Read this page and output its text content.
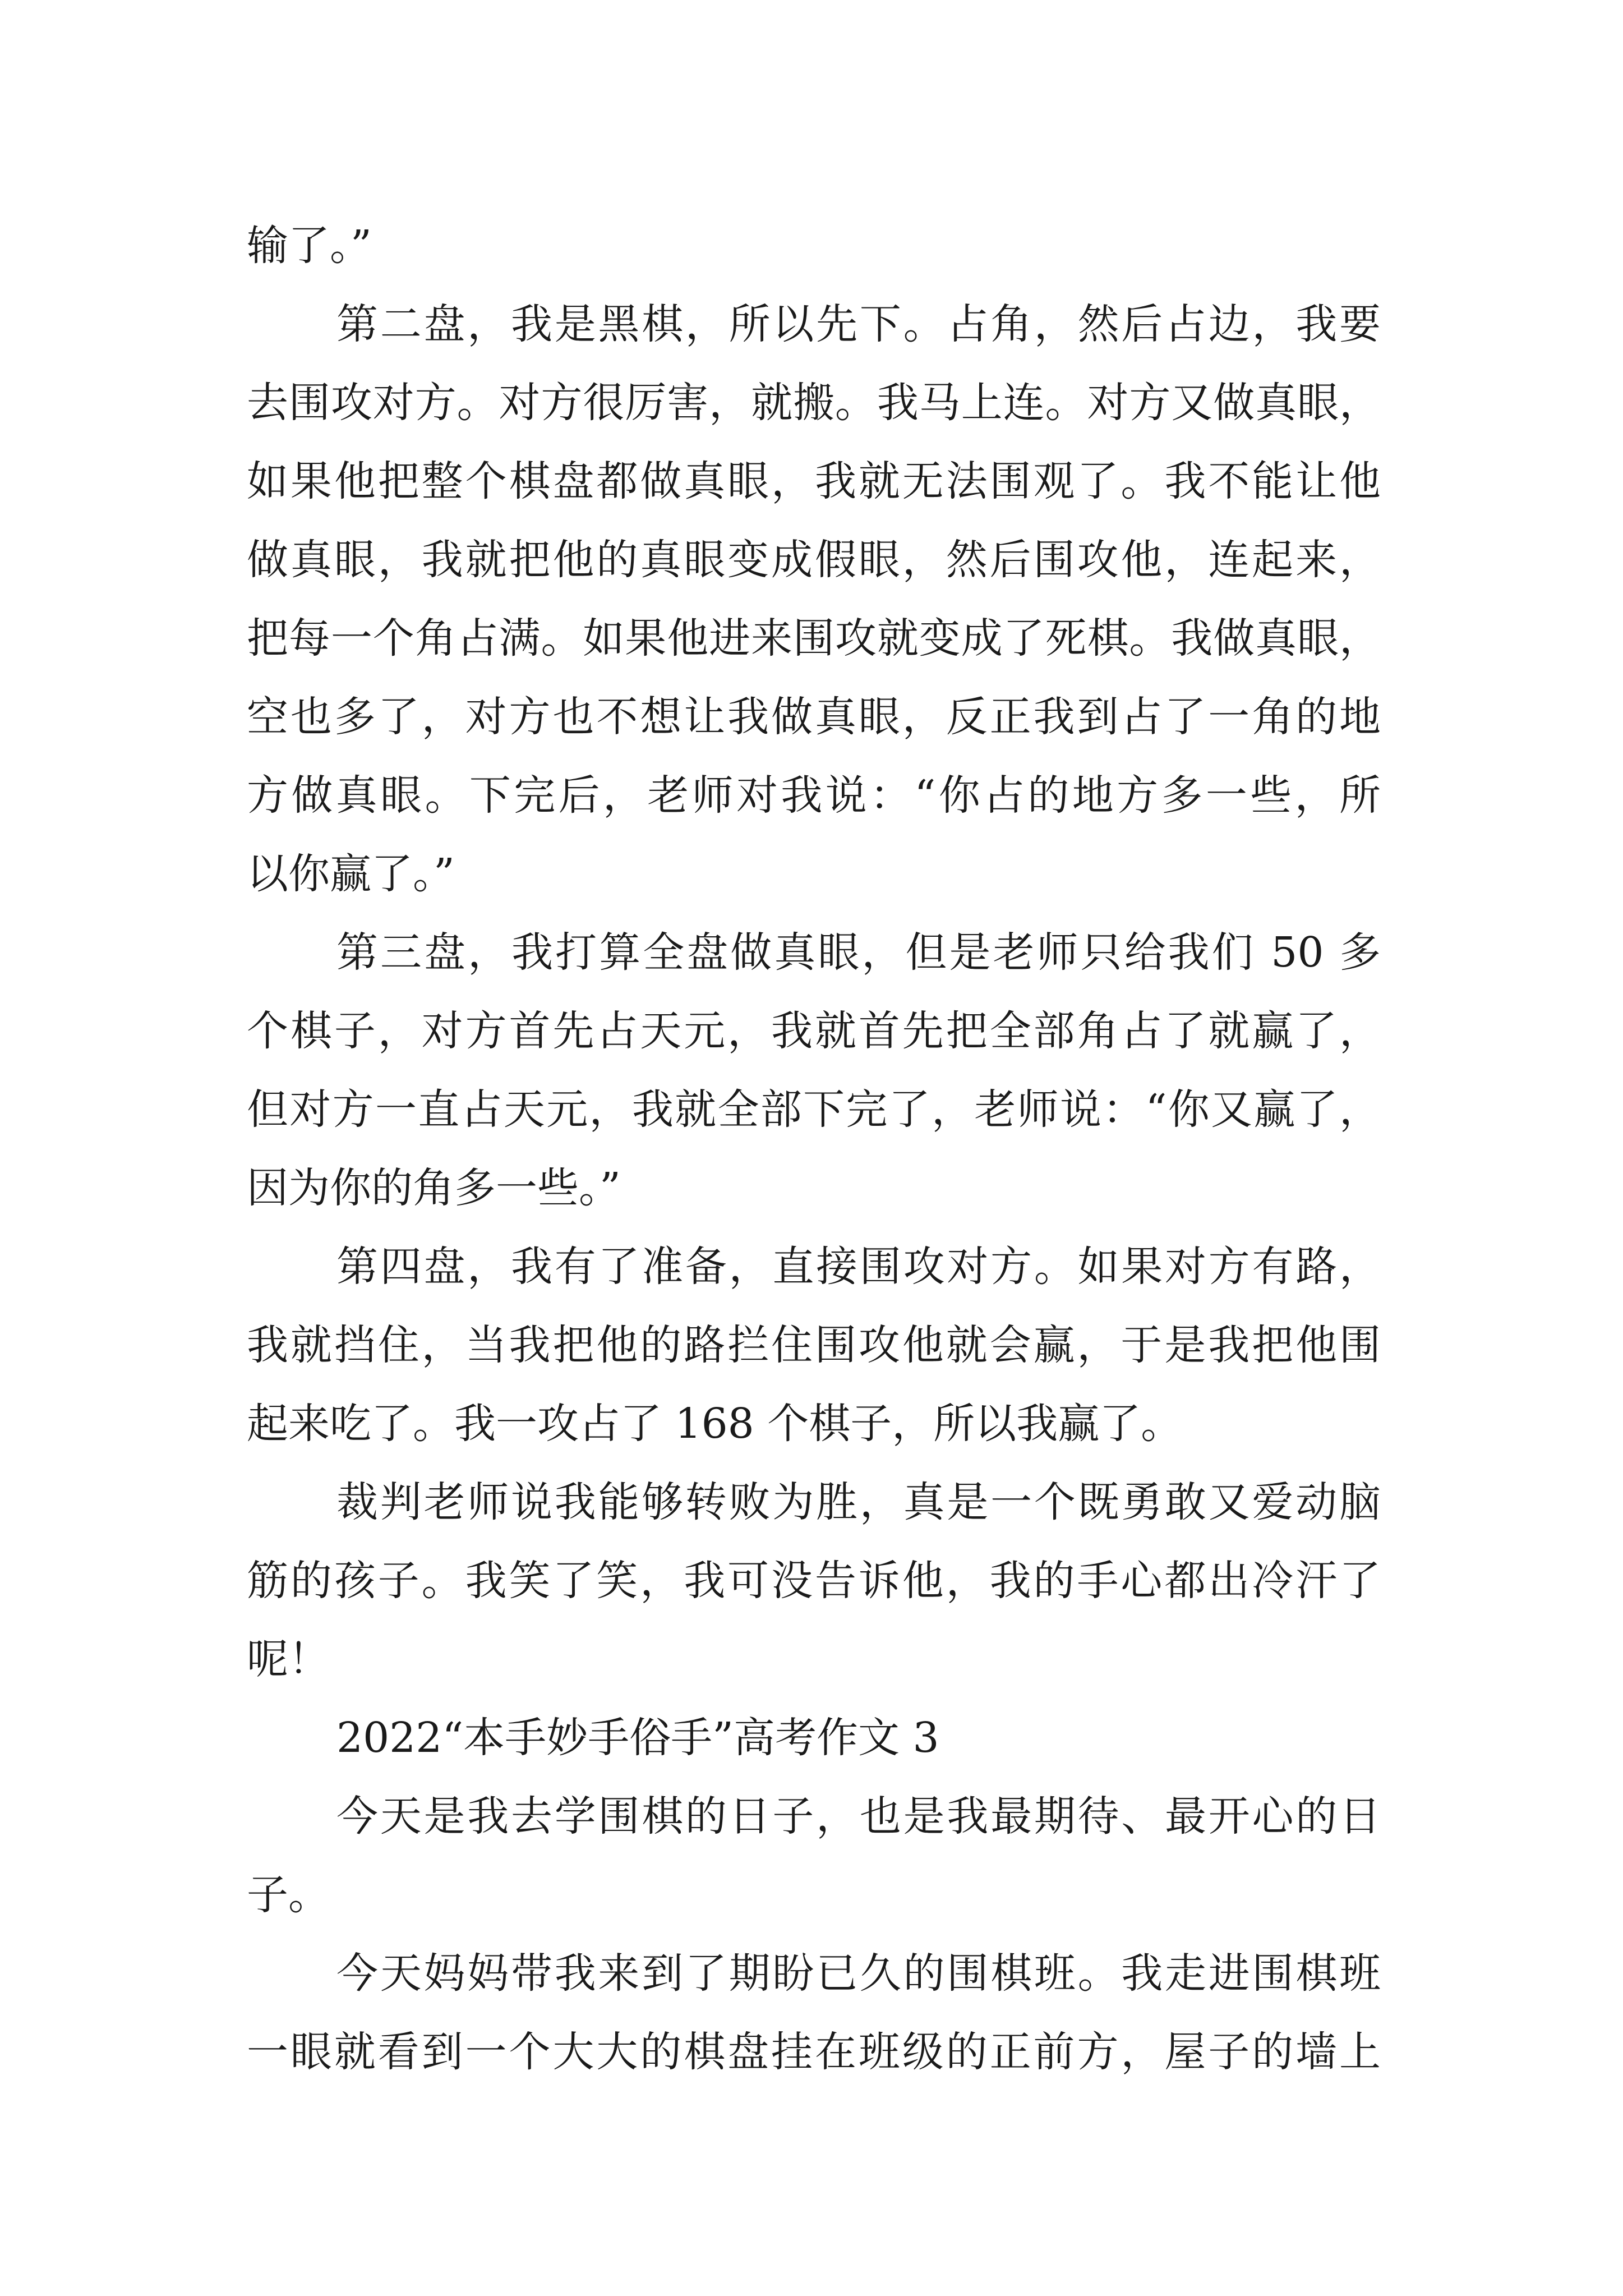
输了。”
第二盘，我是黑棋，所以先下。占角，然后占边，我要
去围攻对方。对方很厉害，就搬。我马上连。对方又做真眼，
如果他把整个棋盘都做真眼，我就无法围观了。我不能让他
做真眼，我就把他的真眼变成假眼，然后围攻他，连起来，
把每一个角占满。如果他进来围攻就变成了死棋。我做真眼，
空也多了，对方也不想让我做真眼，反正我到占了一角的地
方做真眼。下完后，老师对我说：“你占的地方多一些，所
以你赢了。”
第三盘，我打算全盘做真眼，但是老师只给我们 50 多
个棋子，对方首先占天元，我就首先把全部角占了就赢了，
但对方一直占天元，我就全部下完了，老师说：“你又赢了，
因为你的角多一些。”
第四盘，我有了准备，直接围攻对方。如果对方有路，
我就挡住，当我把他的路拦住围攻他就会赢，于是我把他围
起来吃了。我一攻占了 168 个棋子，所以我赢了。
裁判老师说我能够转败为胜，真是一个既勇敢又爱动脑
筋的孩子。我笑了笑，我可没告诉他，我的手心都出冷汗了
呢！
2022“本手妙手俗手”高考作文 3
今天是我去学围棋的日子，也是我最期待、最开心的日
子。
今天妈妈带我来到了期盼已久的围棋班。我走进围棋班
一眼就看到一个大大的棋盘挂在班级的正前方，屋子的墙上
